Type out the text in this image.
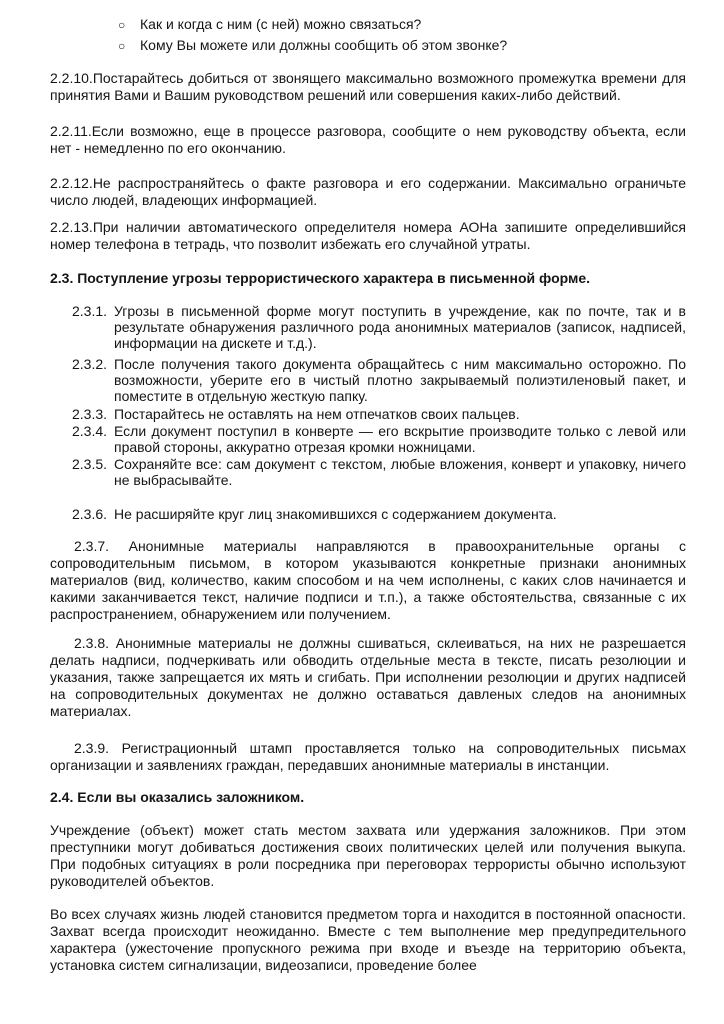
○	Как и когда с ним (с ней) можно связаться?
○	Кому Вы можете или должны сообщить об этом звонке?
2.2.10.Постарайтесь добиться от звонящего максимально возможного промежутка времени для принятия Вами и Вашим руководством решений или совершения каких-либо действий.
2.2.11.Если возможно, еще в процессе разговора, сообщите о нем руководству объекта, если нет - немедленно по его окончанию.
2.2.12.Не распространяйтесь о факте разговора и его содержании. Максимально ограничьте число людей, владеющих информацией.
2.2.13.При наличии автоматического определителя номера АОНа запишите определившийся номер телефона в тетрадь, что позволит избежать его случайной утраты.
2.3. Поступление угрозы террористического характера в письменной форме.
2.3.1. Угрозы в письменной форме могут поступить в учреждение, как по почте, так и в результате обнаружения различного рода анонимных материалов (записок, надписей, информации на дискете и т.д.).
2.3.2. После получения такого документа обращайтесь с ним максимально осторожно. По возможности, уберите его в чистый плотно закрываемый полиэтиленовый пакет, и поместите в отдельную жесткую папку.
2.3.3. Постарайтесь не оставлять на нем отпечатков своих пальцев.
2.3.4. Если документ поступил в конверте — его вскрытие производите только с левой или правой стороны, аккуратно отрезая кромки ножницами.
2.3.5. Сохраняйте все: сам документ с текстом, любые вложения, конверт и упаковку, ничего не выбрасывайте.
2.3.6. Не расширяйте круг лиц знакомившихся с содержанием документа.
2.3.7. Анонимные материалы направляются в правоохранительные органы с сопроводительным письмом, в котором указываются конкретные признаки анонимных материалов (вид, количество, каким способом и на чем исполнены, с каких слов начинается и какими заканчивается текст, наличие подписи и т.п.), а также обстоятельства, связанные с их распространением, обнаружением или получением.
2.3.8. Анонимные материалы не должны сшиваться, склеиваться, на них не разрешается делать надписи, подчеркивать или обводить отдельные места в тексте, писать резолюции и указания, также запрещается их мять и сгибать. При исполнении резолюции и других надписей на сопроводительных документах не должно оставаться давленых следов на анонимных материалах.
2.3.9. Регистрационный штамп проставляется только на сопроводительных письмах организации и заявлениях граждан, передавших анонимные материалы в инстанции.
2.4. Если вы оказались заложником.
Учреждение (объект) может стать местом захвата или удержания заложников. При этом преступники могут добиваться достижения своих политических целей или получения выкупа. При подобных ситуациях в роли посредника при переговорах террористы обычно используют руководителей объектов.
Во всех случаях жизнь людей становится предметом торга и находится в постоянной опасности. Захват всегда происходит неожиданно. Вместе с тем выполнение мер предупредительного характера (ужесточение пропускного режима при входе и въезде на территорию объекта, установка систем сигнализации, видеозаписи, проведение более
